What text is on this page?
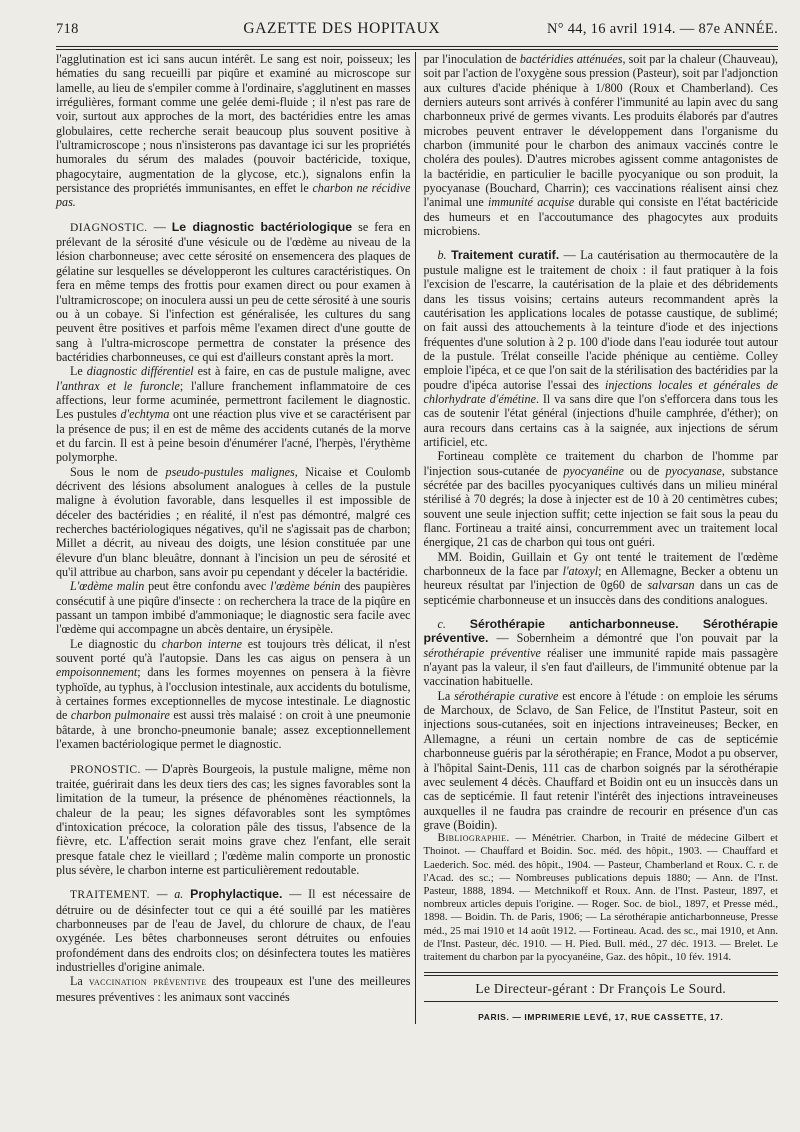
718	GAZETTE DES HOPITAUX	N° 44, 16 avril 1914. — 87e ANNÉE.

l'agglutination est ici sans aucun intérêt. Le sang est noir, poisseux; les hématies du sang recueilli par piqûre et examiné au microscope sur lamelle, au lieu de s'empiler comme à l'ordinaire, s'agglutinent en masses irrégulières, formant comme une gelée demi-fluide ; il n'est pas rare de voir, surtout aux approches de la mort, des bactéridies entre les amas globulaires, cette recherche serait beaucoup plus souvent positive à l'ultramicroscope ; nous n'insisterons pas davantage ici sur les propriétés humorales du sérum des malades (pouvoir bactéricide, toxique, phagocytaire, augmentation de la glycose, etc.), signalons enfin la persistance des propriétés immunisantes, en effet le charbon ne récidive pas.

DIAGNOSTIC. — Le diagnostic bactériologique se fera en prélevant de la sérosité d'une vésicule ou de l'œdème au niveau de la lésion charbonneuse; avec cette sérosité on ensemencera des plaques de gélatine sur lesquelles se développeront les cultures caractéristiques. On fera en même temps des frottis pour examen direct ou pour examen à l'ultramicroscope; on inoculera aussi un peu de cette sérosité à une souris ou à un cobaye. Si l'infection est généralisée, les cultures du sang peuvent être positives et parfois même l'examen direct d'une goutte de sang à l'ultra-microscope permettra de constater la présence des bactéridies charbonneuses, ce qui est d'ailleurs constant après la mort.

Le diagnostic différentiel est à faire, en cas de pustule maligne, avec l'anthrax et le furoncle; l'allure franchement inflammatoire de ces affections, leur forme acuminée, permettront facilement le diagnostic. Les pustules d'echtyma ont une réaction plus vive et se caractérisent par la présence de pus; il en est de même des accidents cutanés de la morve et du farcin. Il est à peine besoin d'énumérer l'acné, l'herpès, l'érythème polymorphe.

Sous le nom de pseudo-pustules malignes, Nicaise et Coulomb décrivent des lésions absolument analogues à celles de la pustule maligne à évolution favorable, dans lesquelles il est impossible de déceler des bactéridies ; en réalité, il n'est pas démontré, malgré ces recherches bactériologiques négatives, qu'il ne s'agissait pas de charbon; Millet a décrit, au niveau des doigts, une lésion constituée par une élevure d'un blanc bleuâtre, donnant à l'incision un peu de sérosité et qu'il attribue au charbon, sans avoir pu cependant y déceler la bactéridie.

L'œdème malin peut être confondu avec l'œdème bénin des paupières consécutif à une piqûre d'insecte : on recherchera la trace de la piqûre en passant un tampon imbibé d'ammoniaque; le diagnostic sera facile avec l'œdème qui accompagne un abcès dentaire, un érysipèle.

Le diagnostic du charbon interne est toujours très délicat, il n'est souvent porté qu'à l'autopsie. Dans les cas aigus on pensera à un empoisonnement; dans les formes moyennes on pensera à la fièvre typhoïde, au typhus, à l'occlusion intestinale, aux accidents du botulisme, à certaines formes exceptionnelles de mycose intestinale. Le diagnostic de charbon pulmonaire est aussi très malaisé : on croit à une pneumonie bâtarde, à une broncho-pneumonie banale; assez exceptionnellement l'examen bactériologique permet le diagnostic.

PRONOSTIC. — D'après Bourgeois, la pustule maligne, même non traitée, guérirait dans les deux tiers des cas; les signes favorables sont la limitation de la tumeur, la présence de phénomènes réactionnels, la chaleur de la peau; les signes défavorables sont les symptômes d'intoxication précoce, la coloration pâle des tissus, l'absence de la fièvre, etc. L'affection serait moins grave chez l'enfant, elle serait presque fatale chez le vieillard ; l'œdème malin comporte un pronostic plus sévère, le charbon interne est particulièrement redoutable.

TRAITEMENT. — a. Prophylactique. — Il est nécessaire de détruire ou de désinfecter tout ce qui a été souillé par les matières charbonneuses par de l'eau de Javel, du chlorure de chaux, de l'eau oxygénée. Les bêtes charbonneuses seront détruites ou enfouies profondément dans des endroits clos; on désinfectera toutes les matières industrielles d'origine animale.

La vaccination préventive des troupeaux est l'une des meilleures mesures préventives : les animaux sont vaccinés

par l'inoculation de bactéridies atténuées, soit par la chaleur (Chauveau), soit par l'action de l'oxygène sous pression (Pasteur), soit par l'adjonction aux cultures d'acide phénique à 1/800 (Roux et Chamberland). Ces derniers auteurs sont arrivés à conférer l'immunité au lapin avec du sang charbonneux privé de germes vivants. Les produits élaborés par d'autres microbes peuvent entraver le développement dans l'organisme du charbon (immunité pour le charbon des animaux vaccinés contre le choléra des poules). D'autres microbes agissent comme antagonistes de la bactéridie, en particulier le bacille pyocyanique ou son produit, la pyocyanase (Bouchard, Charrin); ces vaccinations réalisent ainsi chez l'animal une immunité acquise durable qui consiste en l'état bactéricide des humeurs et en l'accoutumance des phagocytes aux produits microbiens.

b. Traitement curatif. — La cautérisation au thermocautère de la pustule maligne est le traitement de choix : il faut pratiquer à la fois l'excision de l'escarre, la cautérisation de la plaie et des débridements dans les tissus voisins; certains auteurs recommandent après la cautérisation les applications locales de potasse caustique, de sublimé; on fait aussi des attouchements à la teinture d'iode et des injections fréquentes d'une solution à 2 p. 100 d'iode dans l'eau iodurée tout autour de la pustule. Trélat conseille l'acide phénique au centième. Colley emploie l'ipéca, et ce que l'on sait de la stérilisation des bactéridies par la poudre d'ipéca autorise l'essai des injections locales et générales de chlorhydrate d'émétine. Il va sans dire que l'on s'efforcera dans tous les cas de soutenir l'état général (injections d'huile camphrée, d'éther); on aura recours dans certains cas à la saignée, aux injections de sérum artificiel, etc.

Fortineau complète ce traitement du charbon de l'homme par l'injection sous-cutanée de pyocyanéine ou de pyocyanase, substance sécrétée par des bacilles pyocyaniques cultivés dans un milieu minéral stérilisé à 70 degrés; la dose à injecter est de 10 à 20 centimètres cubes; souvent une seule injection suffit; cette injection se fait sous la peau du flanc. Fortineau a traité ainsi, concurremment avec un traitement local énergique, 21 cas de charbon qui tous ont guéri.

MM. Boidin, Guillain et Gy ont tenté le traitement de l'œdème charbonneux de la face par l'atoxyl; en Allemagne, Becker a obtenu un heureux résultat par l'injection de 0g60 de salvarsan dans un cas de septicémie charbonneuse et un insuccès dans des conditions analogues.

c. Sérothérapie anticharbonneuse. Sérothérapie préventive. — Sobernheim a démontré que l'on pouvait par la sérothérapie préventive réaliser une immunité rapide mais passagère n'ayant pas la valeur, il s'en faut d'ailleurs, de l'immunité obtenue par la vaccination habituelle.

La sérothérapie curative est encore à l'étude : on emploie les sérums de Marchoux, de Sclavo, de San Felice, de l'Institut Pasteur, soit en injections sous-cutanées, soit en injections intraveineuses; Becker, en Allemagne, a réuni un certain nombre de cas de septicémie charbonneuse guéris par la sérothérapie; en France, Modot a pu observer, à l'hôpital Saint-Denis, 111 cas de charbon soignés par la sérothérapie avec seulement 4 décès. Chauffard et Boidin ont eu un insuccès dans un cas de septicémie. Il faut retenir l'intérêt des injections intraveineuses auxquelles il ne faudra pas craindre de recourir en présence d'un cas grave (Boidin).

Bibliographie. — Ménétrier. Charbon, in Traité de médecine Gilbert et Thoinot. — Chauffard et Boidin. Soc. méd. des hôpit., 1903. — Chauffard et Laederich. Soc. méd. des hôpit., 1904. — Pasteur, Chamberland et Roux. C. r. de l'Acad. des sc.; — Nombreuses publications depuis 1880; — Ann. de l'Inst. Pasteur, 1888, 1894. — Metchnikoff et Roux. Ann. de l'Inst. Pasteur, 1897, et nombreux articles depuis l'origine. — Roger. Soc. de biol., 1897, et Presse méd., 1898. — Boidin. Th. de Paris, 1906; — La sérothérapie anticharbonneuse, Presse méd., 25 mai 1910 et 14 août 1912. — Fortineau. Acad. des sc., mai 1910, et Ann. de l'Inst. Pasteur, déc. 1910. — H. Pied. Bull. méd., 27 déc. 1913. — Brelet. Le traitement du charbon par la pyocyanéine, Gaz. des hôpit., 10 fév. 1914.

Le Directeur-gérant : Dr François Le Sourd.
PARIS. — IMPRIMERIE LEVÉ, 17, RUE CASSETTE, 17.
